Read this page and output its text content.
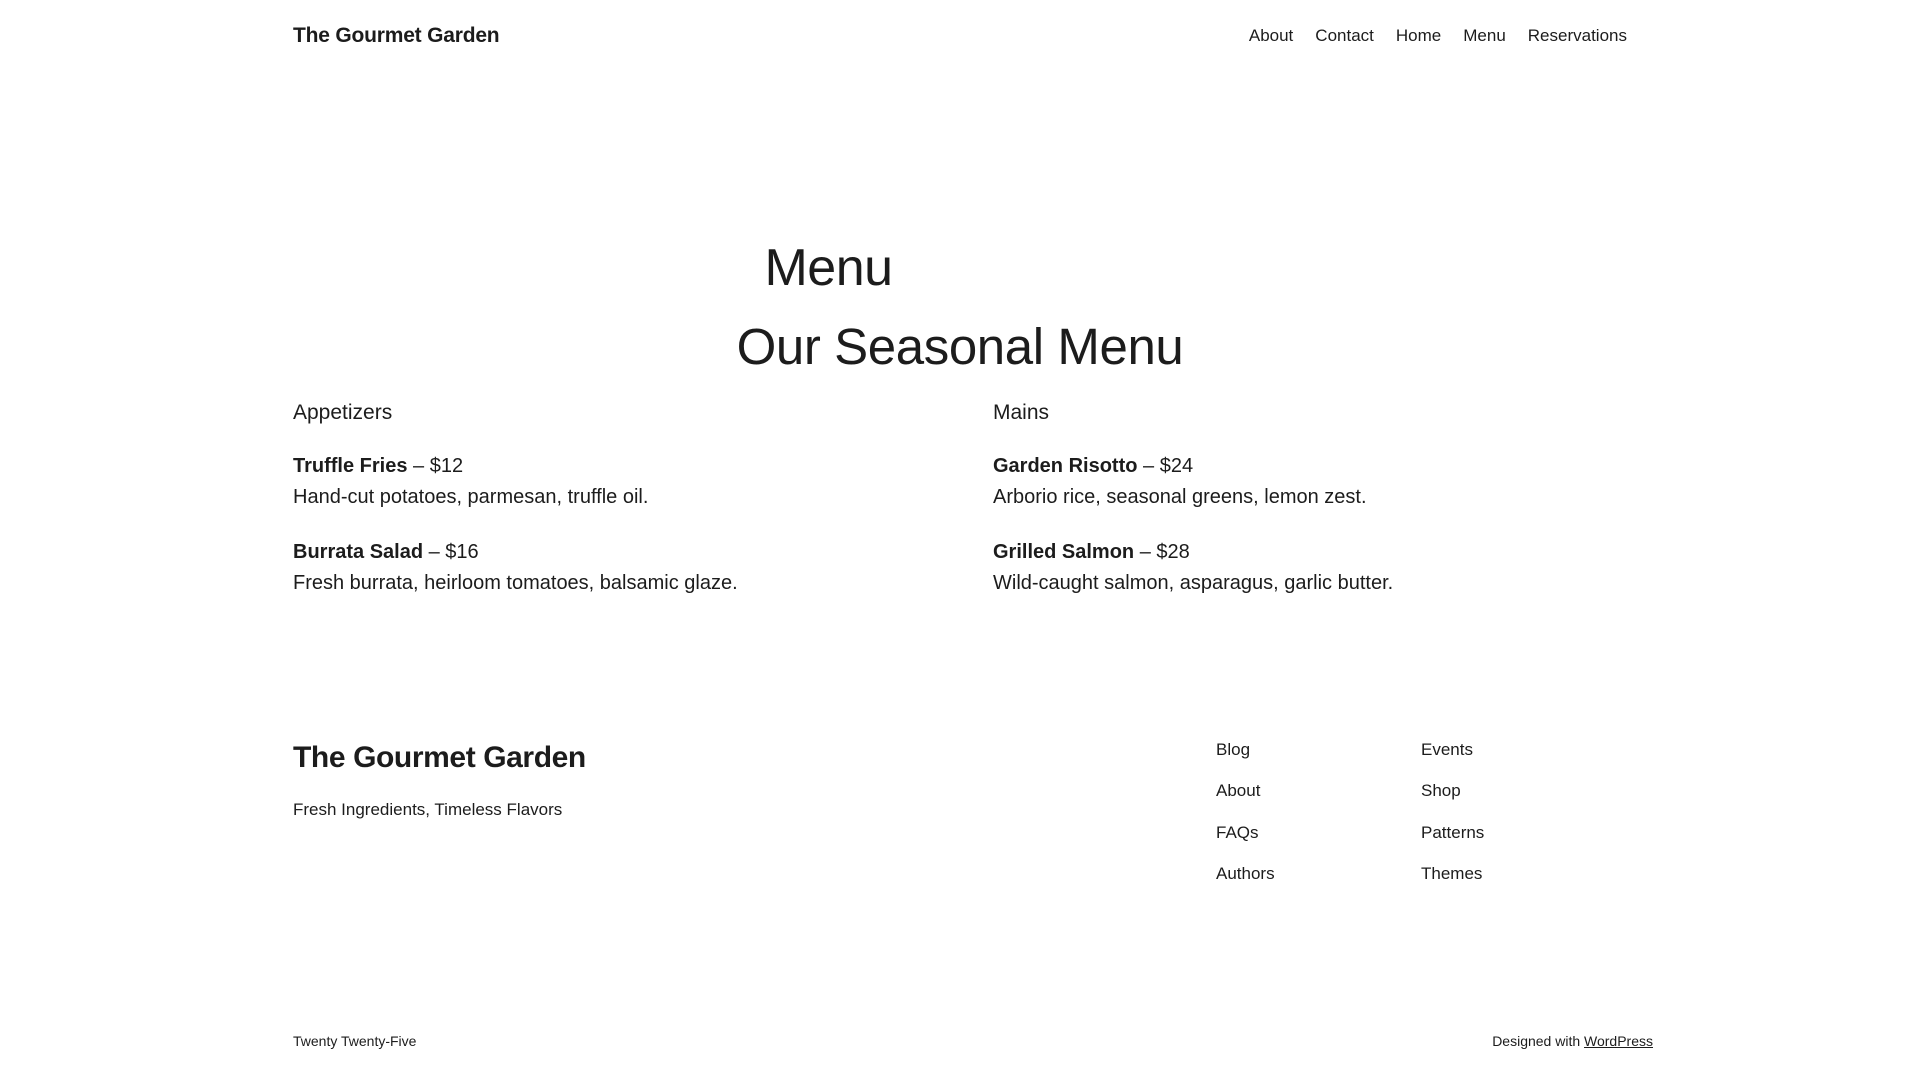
The Gourmet Garden	About Contact Home Menu Reservations
Menu
Our Seasonal Menu

Appetizers

Truffle Fries – $12
Hand-cut potatoes, parmesan, truffle oil.
Burrata Salad – $16
Fresh burrata, heirloom tomatoes, balsamic glaze.

Mains

Garden Risotto – $24
Arborio rice, seasonal greens, lemon zest.
Grilled Salmon – $28
Wild-caught salmon, asparagus, garlic butter.

The Gourmet Garden

Fresh Ingredients, Timeless Flavors

Blog
About
FAQs
Authors
Events
Shop
Patterns
Themes
Twenty Twenty-Five	Designed with WordPress
